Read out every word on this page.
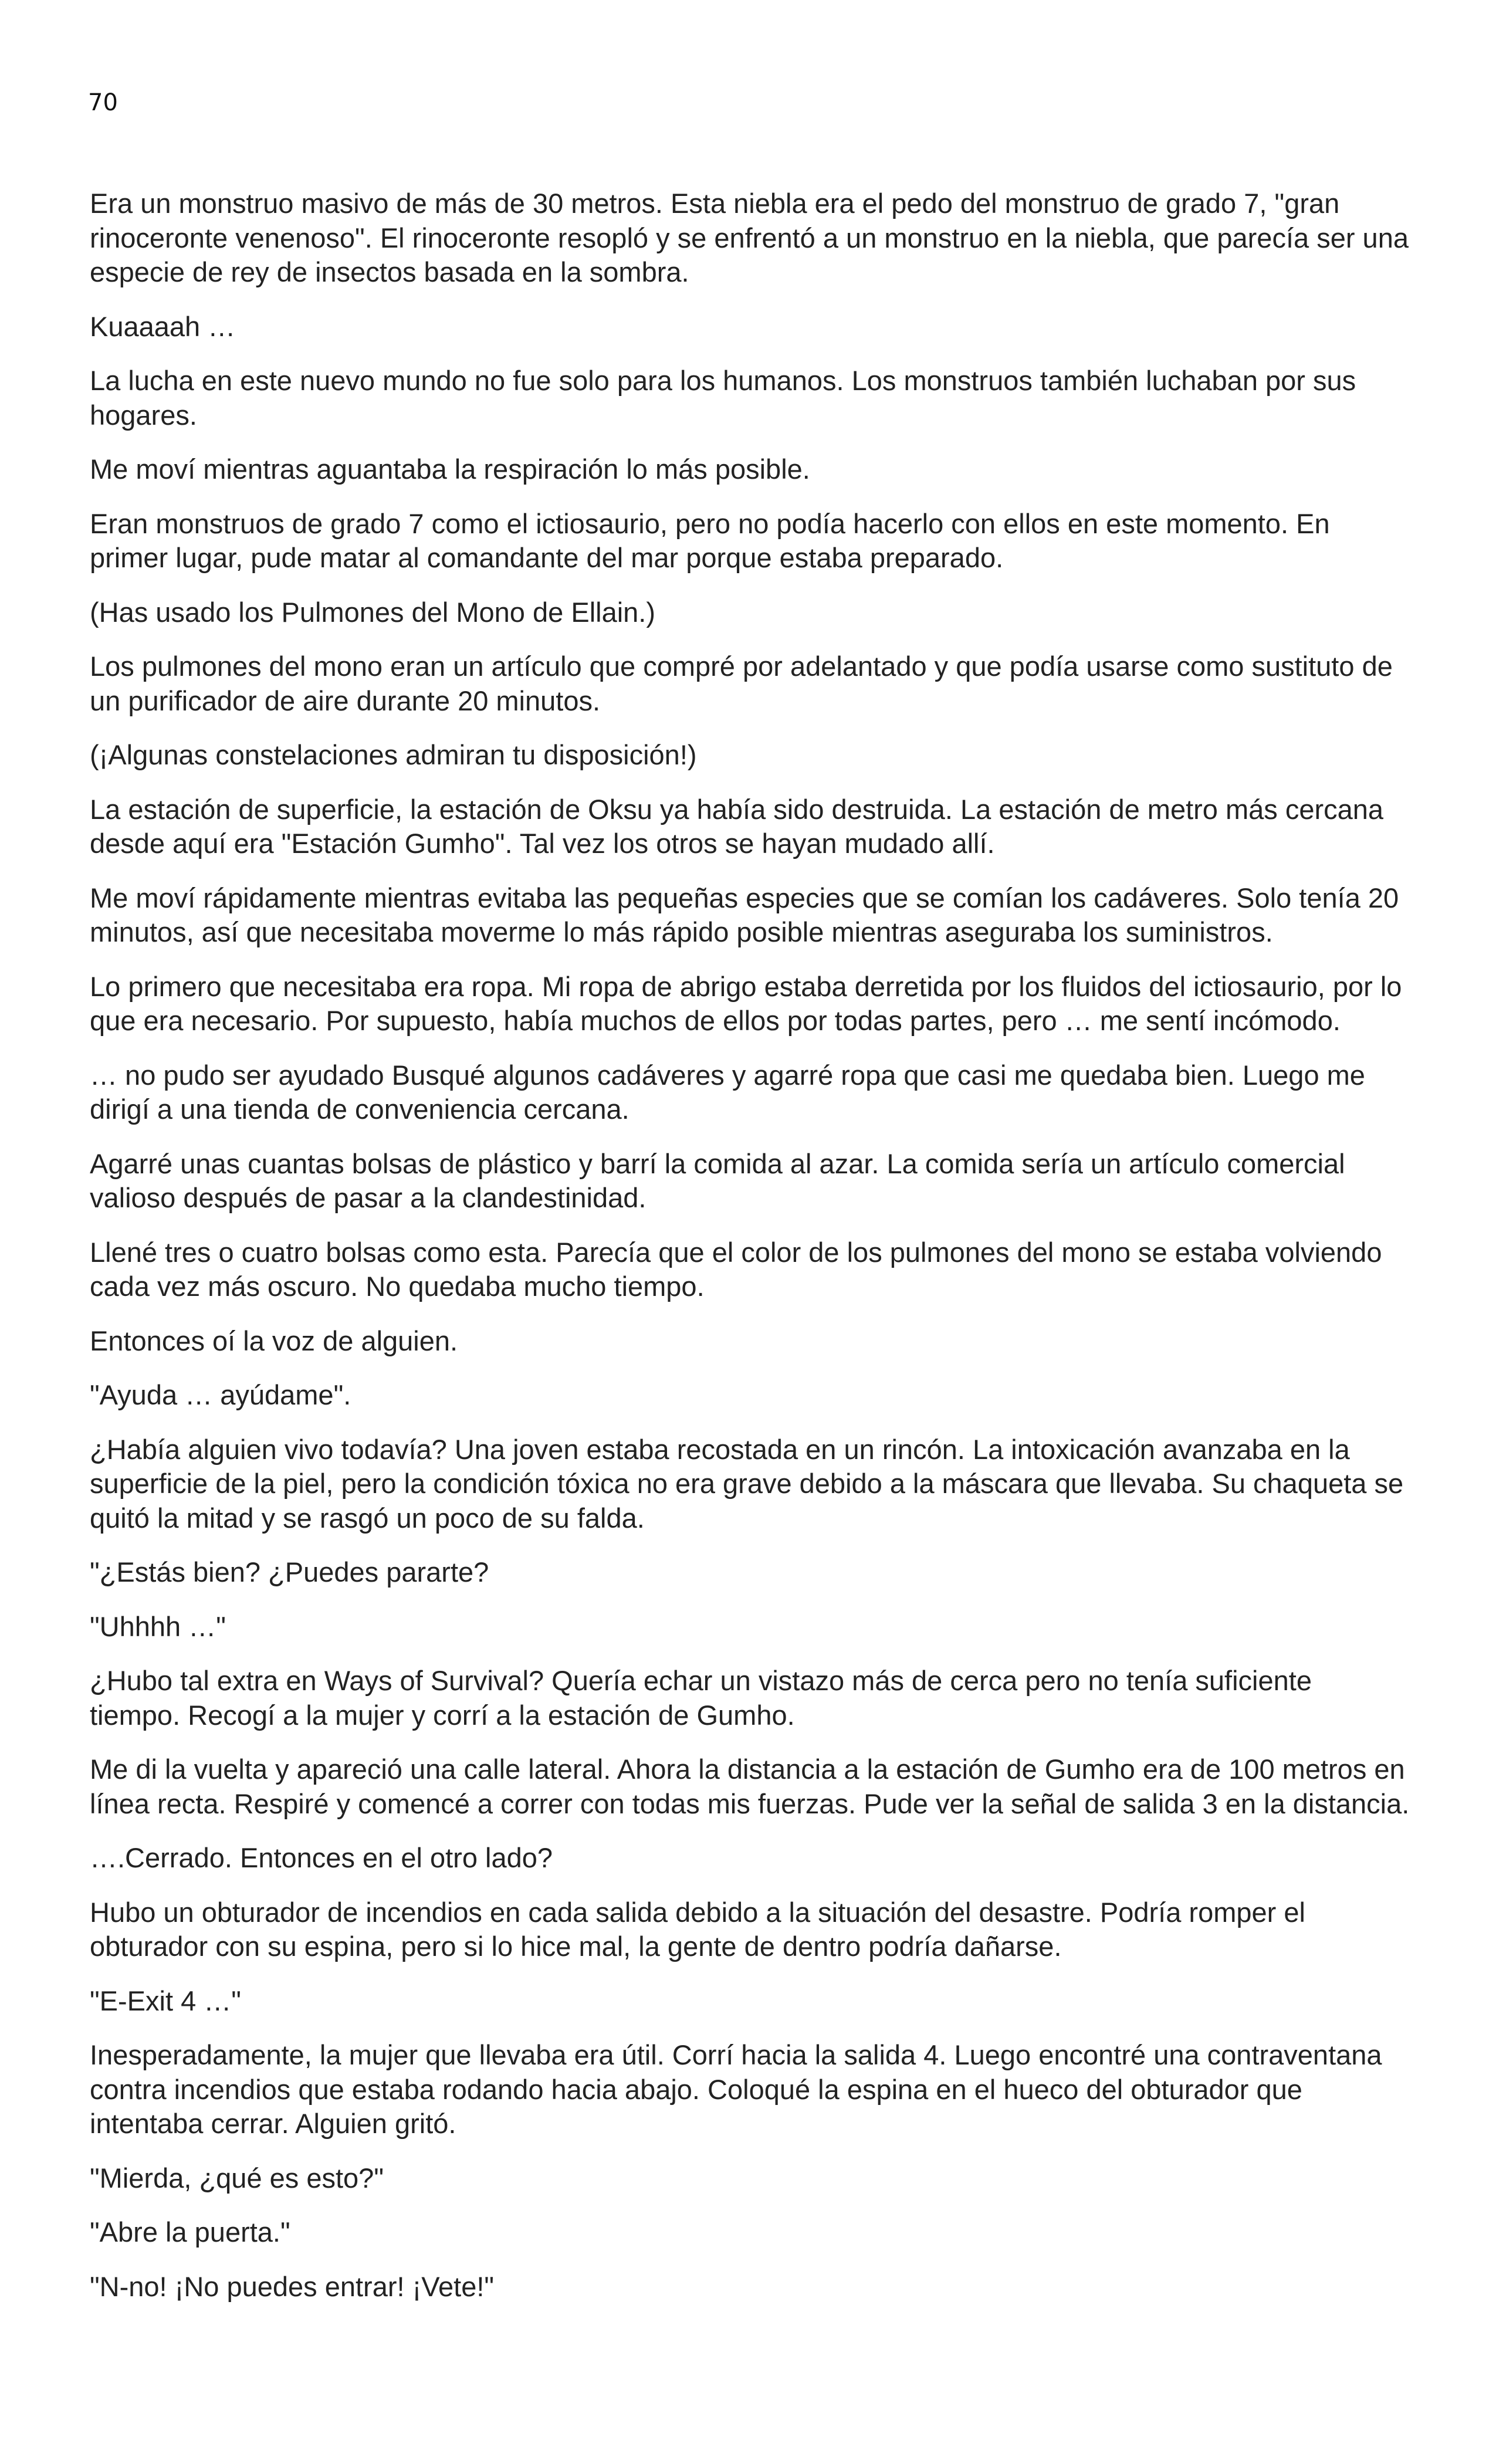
70

Era un monstruo masivo de más de 30 metros. Esta niebla era el pedo del monstruo de grado 7, "gran rinoceronte venenoso". El rinoceronte resopló y se enfrentó a un monstruo en la niebla, que parecía ser una especie de rey de insectos basada en la sombra.

Kuaaaah …

La lucha en este nuevo mundo no fue solo para los humanos. Los monstruos también luchaban por sus hogares.

Me moví mientras aguantaba la respiración lo más posible.

Eran monstruos de grado 7 como el ictiosaurio, pero no podía hacerlo con ellos en este momento. En primer lugar, pude matar al comandante del mar porque estaba preparado.

(Has usado los Pulmones del Mono de Ellain.)

Los pulmones del mono eran un artículo que compré por adelantado y que podía usarse como sustituto de un purificador de aire durante 20 minutos.

(¡Algunas constelaciones admiran tu disposición!)

La estación de superficie, la estación de Oksu ya había sido destruida. La estación de metro más cercana desde aquí era "Estación Gumho". Tal vez los otros se hayan mudado allí.

Me moví rápidamente mientras evitaba las pequeñas especies que se comían los cadáveres. Solo tenía 20 minutos, así que necesitaba moverme lo más rápido posible mientras aseguraba los suministros.

Lo primero que necesitaba era ropa. Mi ropa de abrigo estaba derretida por los fluidos del ictiosaurio, por lo que era necesario. Por supuesto, había muchos de ellos por todas partes, pero … me sentí incómodo.

… no pudo ser ayudado Busqué algunos cadáveres y agarré ropa que casi me quedaba bien. Luego me dirigí a una tienda de conveniencia cercana.

Agarré unas cuantas bolsas de plástico y barrí la comida al azar. La comida sería un artículo comercial valioso después de pasar a la clandestinidad.

Llené tres o cuatro bolsas como esta. Parecía que el color de los pulmones del mono se estaba volviendo cada vez más oscuro. No quedaba mucho tiempo.

Entonces oí la voz de alguien.

"Ayuda … ayúdame".

¿Había alguien vivo todavía? Una joven estaba recostada en un rincón. La intoxicación avanzaba en la superficie de la piel, pero la condición tóxica no era grave debido a la máscara que llevaba. Su chaqueta se quitó la mitad y se rasgó un poco de su falda.

"¿Estás bien? ¿Puedes pararte?

"Uhhhh …"

¿Hubo tal extra en Ways of Survival? Quería echar un vistazo más de cerca pero no tenía suficiente tiempo. Recogí a la mujer y corrí a la estación de Gumho.

Me di la vuelta y apareció una calle lateral. Ahora la distancia a la estación de Gumho era de 100 metros en línea recta. Respiré y comencé a correr con todas mis fuerzas. Pude ver la señal de salida 3 en la distancia.

….Cerrado. Entonces en el otro lado?

Hubo un obturador de incendios en cada salida debido a la situación del desastre. Podría romper el obturador con su espina, pero si lo hice mal, la gente de dentro podría dañarse.

"E-Exit 4 …"

Inesperadamente, la mujer que llevaba era útil. Corrí hacia la salida 4. Luego encontré una contraventana contra incendios que estaba rodando hacia abajo. Coloqué la espina en el hueco del obturador que intentaba cerrar. Alguien gritó.

"Mierda, ¿qué es esto?"

"Abre la puerta."

"N-no! ¡No puedes entrar! ¡Vete!"
